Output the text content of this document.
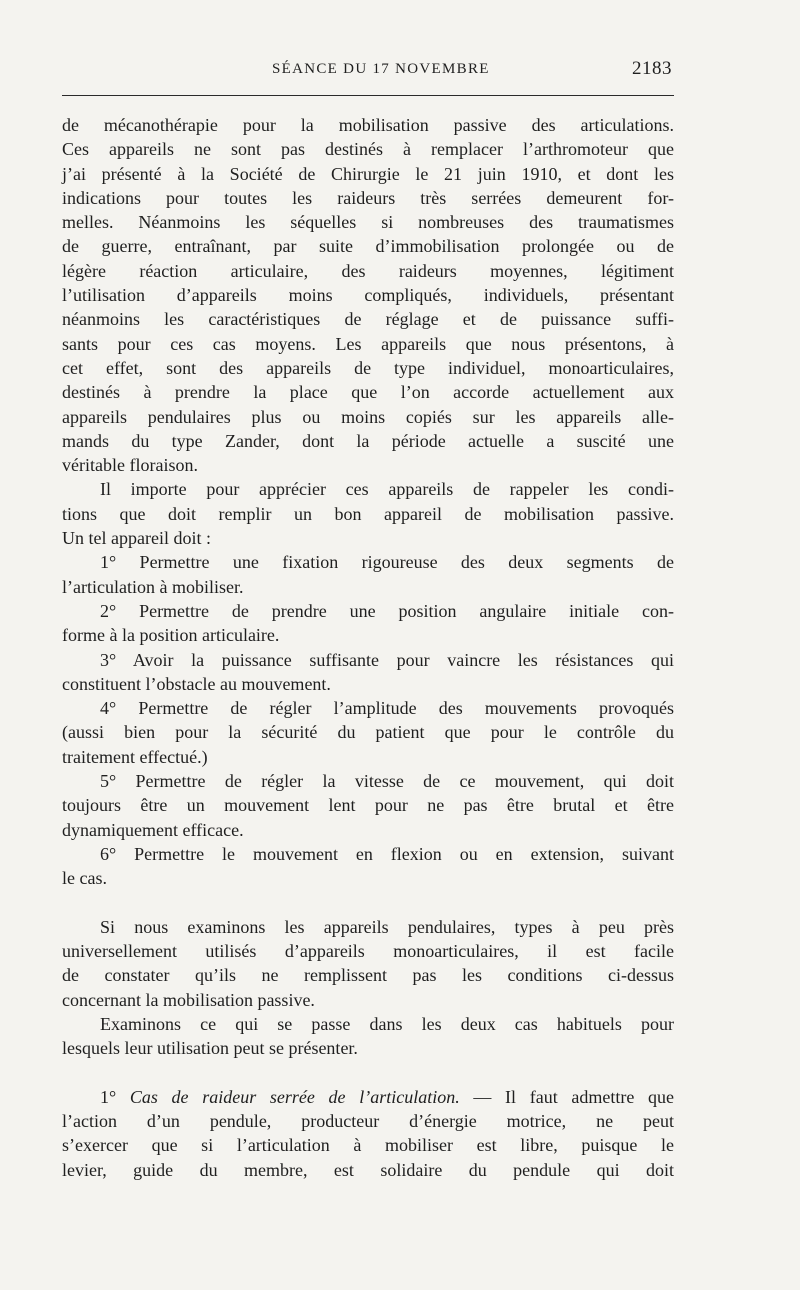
SÉANCE DU 17 NOVEMBRE	2183
de mécanothérapie pour la mobilisation passive des articulations.
Ces appareils ne sont pas destinés à remplacer l’arthromoteur que
j’ai présenté à la Société de Chirurgie le 21 juin 1910, et dont les
indications pour toutes les raideurs très serrées demeurent for-
melles. Néanmoins les séquelles si nombreuses des traumatismes
de guerre, entraînant, par suite d’immobilisation prolongée ou de
légère réaction articulaire, des raideurs moyennes, légitiment
l’utilisation d’appareils moins compliqués, individuels, présentant
néanmoins les caractéristiques de réglage et de puissance suffi-
sants pour ces cas moyens. Les appareils que nous présentons, à
cet effet, sont des appareils de type individuel, monoarticulaires,
destinés à prendre la place que l’on accorde actuellement aux
appareils pendulaires plus ou moins copiés sur les appareils alle-
mands du type Zander, dont la période actuelle a suscité une
véritable floraison.
Il importe pour apprécier ces appareils de rappeler les condi-
tions que doit remplir un bon appareil de mobilisation passive.
Un tel appareil doit :
1° Permettre une fixation rigoureuse des deux segments de
l’articulation à mobiliser.
2° Permettre de prendre une position angulaire initiale con-
forme à la position articulaire.
3° Avoir la puissance suffisante pour vaincre les résistances qui
constituent l’obstacle au mouvement.
4° Permettre de régler l’amplitude des mouvements provoqués
(aussi bien pour la sécurité du patient que pour le contrôle du
traitement effectué.)
5° Permettre de régler la vitesse de ce mouvement, qui doit
toujours être un mouvement lent pour ne pas être brutal et être
dynamiquement efficace.
6° Permettre le mouvement en flexion ou en extension, suivant
le cas.
Si nous examinons les appareils pendulaires, types à peu près
universellement utilisés d’appareils monoarticulaires, il est facile
de constater qu’ils ne remplissent pas les conditions ci-dessus
concernant la mobilisation passive.
Examinons ce qui se passe dans les deux cas habituels pour
lesquels leur utilisation peut se présenter.
1° Cas de raideur serrée de l’articulation. — Il faut admettre que
l’action d’un pendule, producteur d’énergie motrice, ne peut
s’exercer que si l’articulation à mobiliser est libre, puisque le
levier, guide du membre, est solidaire du pendule qui doit
